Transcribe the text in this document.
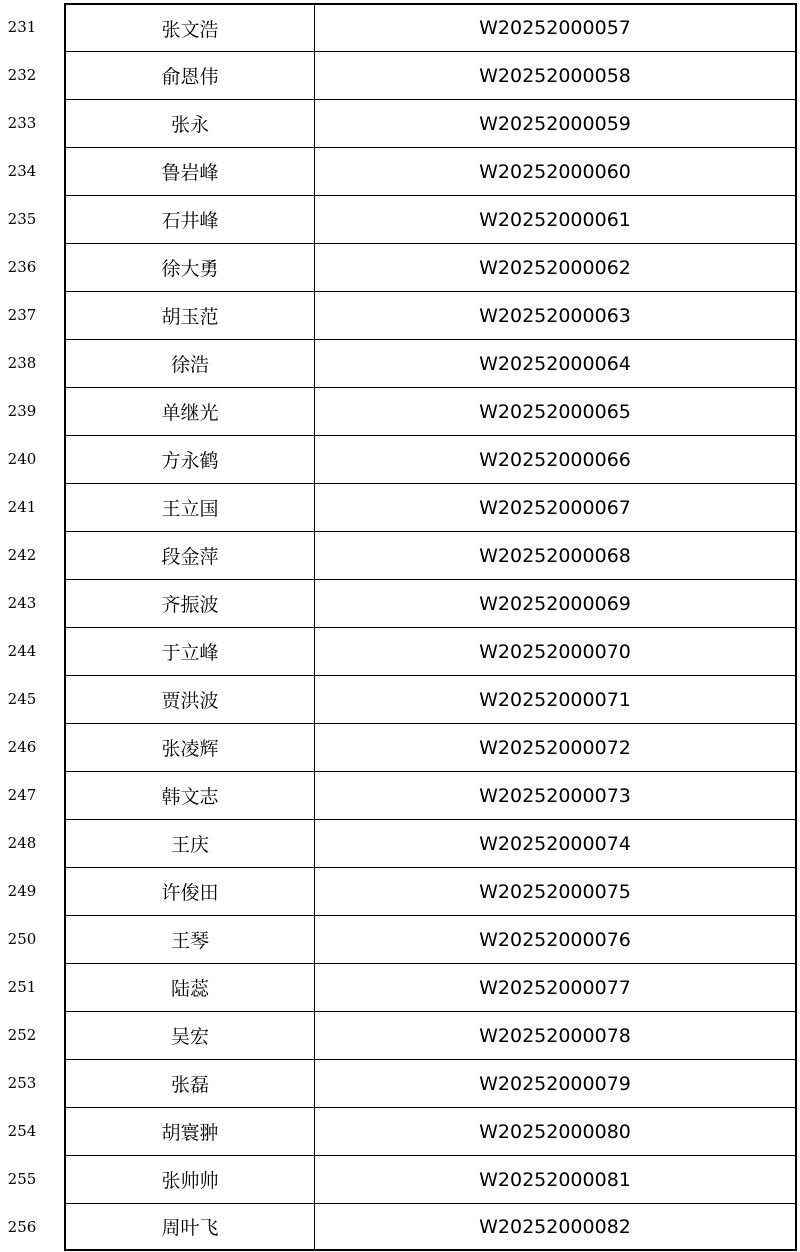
231	张文浩	W20252000057
232	俞恩伟	W20252000058
233	张永	W20252000059
234	鲁岩峰	W20252000060
235	石井峰	W20252000061
236	徐大勇	W20252000062
237	胡玉范	W20252000063
238	徐浩	W20252000064
239	单继光	W20252000065
240	方永鹤	W20252000066
241	王立国	W20252000067
242	段金萍	W20252000068
243	齐振波	W20252000069
244	于立峰	W20252000070
245	贾洪波	W20252000071
246	张凌辉	W20252000072
247	韩文志	W20252000073
248	王庆	W20252000074
249	许俊田	W20252000075
250	王琴	W20252000076
251	陆蕊	W20252000077
252	吴宏	W20252000078
253	张磊	W20252000079
254	胡寰翀	W20252000080
255	张帅帅	W20252000081
256	周叶飞	W20252000082
